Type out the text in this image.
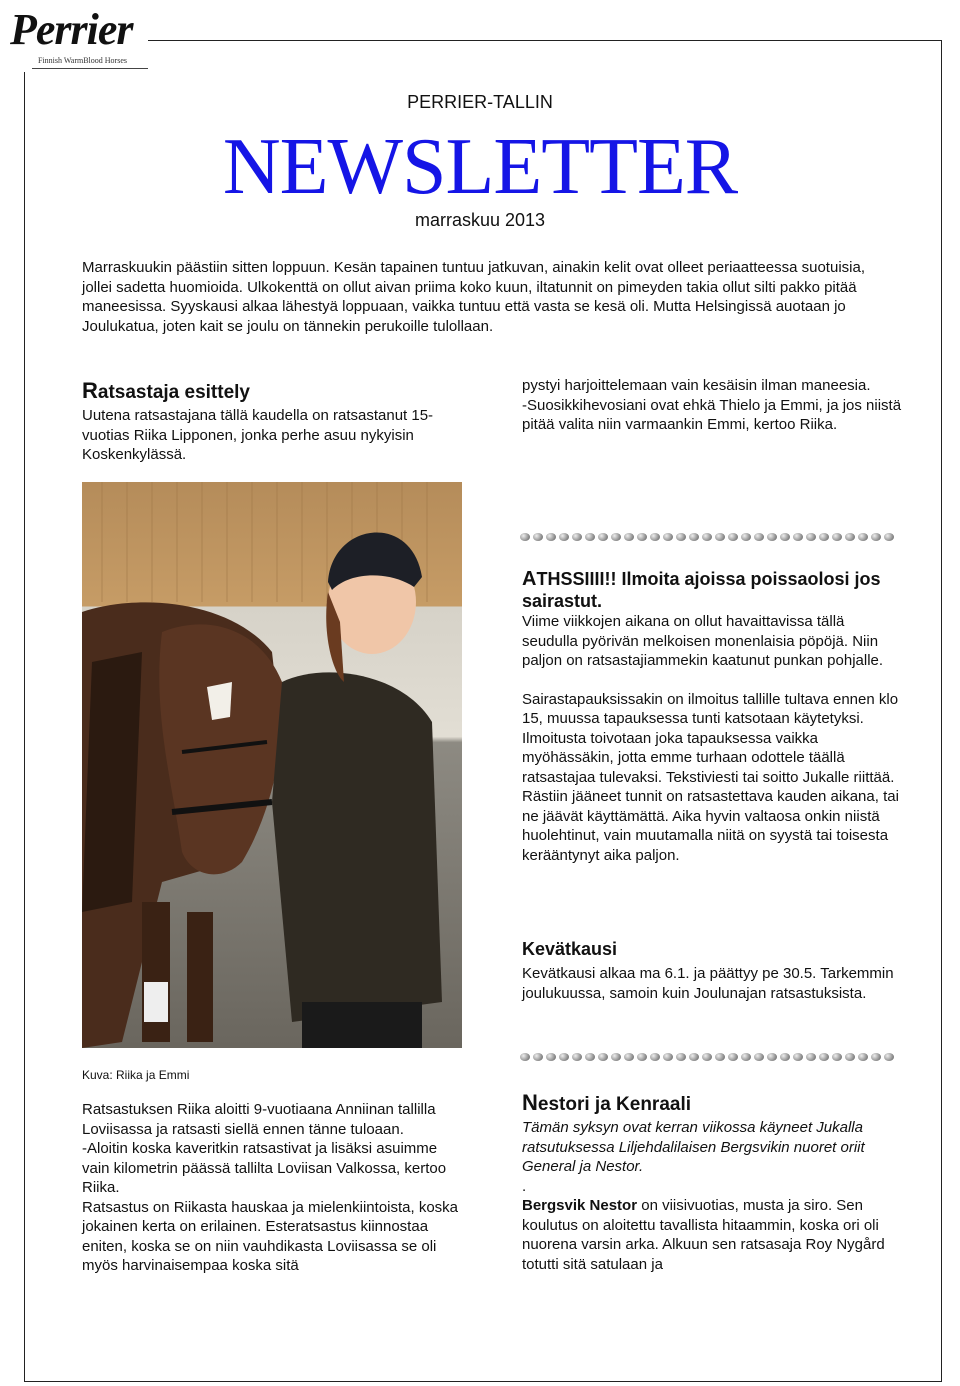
Perrier
Finnish WarmBlood Horses
PERRIER-TALLIN
NEWSLETTER
marraskuu 2013

Marraskuukin päästiin sitten loppuun. Kesän tapainen tuntuu jatkuvan, ainakin kelit ovat olleet periaatteessa suotuisia, jollei sadetta huomioida. Ulkokenttä on ollut aivan priima koko kuun, iltatunnit on pimeyden takia ollut silti pakko pitää maneesissa. Syyskausi alkaa lähestyä loppuaan, vaikka tuntuu että vasta se kesä oli. Mutta Helsingissä auotaan jo Joulukatua, joten kait se joulu on tännekin perukoille tulollaan.

Ratsastaja esittely

Uutena ratsastajana tällä kaudella on ratsastanut 15-vuotias Riika Lipponen, jonka perhe asuu nykyisin Koskenkylässä.

Kuva: Riika ja Emmi

Ratsastuksen Riika aloitti 9-vuotiaana Anniinan tallilla Loviisassa ja ratsasti siellä ennen tänne tuloaan.

-Aloitin koska kaveritkin ratsastivat ja lisäksi asuimme vain kilometrin päässä tallilta Loviisan Valkossa, kertoo Riika.

Ratsastus on Riikasta hauskaa ja mielenkiintoista, koska jokainen kerta on erilainen. Esteratsastus kiinnostaa eniten, koska se on niin vauhdikasta Loviisassa se oli myös harvinaisempaa koska sitä

pystyi harjoittelemaan vain kesäisin ilman maneesia.

-Suosikkihevosiani ovat ehkä Thielo ja Emmi, ja jos niistä pitää valita niin varmaankin Emmi, kertoo Riika.

ATHSSIIII!! Ilmoita ajoissa poissaolosi jos sairastut.

Viime viikkojen aikana on ollut havaittavissa tällä seudulla pyörivän melkoisen monenlaisia pöpöjä. Niin paljon on ratsastajiammekin kaatunut punkan pohjalle.

Sairastapauksissakin on ilmoitus tallille tultava ennen klo 15, muussa tapauksessa tunti katsotaan käytetyksi. Ilmoitusta toivotaan joka tapauksessa vaikka myöhässäkin, jotta emme turhaan odottele täällä ratsastajaa tulevaksi. Tekstiviesti tai soitto Jukalle riittää.

Rästiin jääneet tunnit on ratsastettava kauden aikana, tai ne jäävät käyttämättä. Aika hyvin valtaosa onkin niistä huolehtinut, vain muutamalla niitä on syystä tai toisesta kerääntynyt aika paljon.

Kevätkausi

Kevätkausi alkaa ma 6.1. ja päättyy pe 30.5. Tarkemmin joulukuussa, samoin kuin Joulunajan ratsastuksista.

Nestori ja Kenraali

Tämän syksyn ovat kerran viikossa käyneet Jukalla ratsutuksessa Liljehdalilaisen Bergsvikin nuoret oriit General ja Nestor.

.

Bergsvik Nestor on viisivuotias, musta ja siro. Sen koulutus on aloitettu tavallista hitaammin, koska ori oli nuorena varsin arka. Alkuun sen ratsasaja Roy Nygård totutti sitä satulaan ja
